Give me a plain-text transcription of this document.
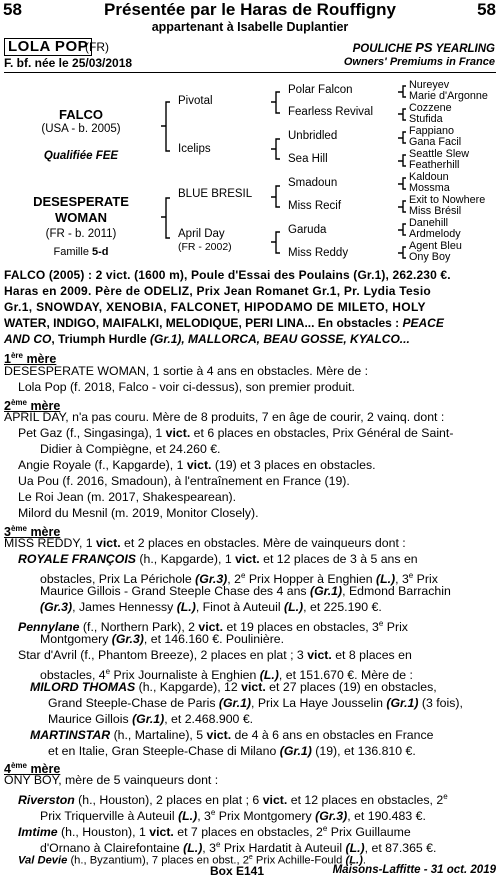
58	Présentée par le Haras de Rouffigny	58
appartenant à Isabelle Duplantier
LOLA POP
(FR)	POULICHE PS YEARLING
F. bf. née le 25/03/2018	Owners' Premiums in France
FALCO
(USA - b. 2005)
Qualifiée FEE
DESESPERATE
WOMAN
(FR - b. 2011)
Famille 5-d
Pivotal
Icelips
BLUE BRESIL
April Day
(FR - 2002)
Polar Falcon
Fearless Revival
Unbridled
Sea Hill
Smadoun
Miss Recif
Garuda
Miss Reddy
Nureyev
Marie d'Argonne
Cozzene
Stufida
Fappiano
Gana Facil
Seattle Slew
Featherhill
Kaldoun
Mossma
Exit to Nowhere
Miss Brésil
Danehill
Ardmelody
Agent Bleu
Ony Boy
FALCO (2005) : 2 vict. (1600 m), Poule d'Essai des Poulains (Gr.1), 262.230 €.
Haras en 2009. Père de ODELIZ, Prix Jean Romanet Gr.1, Pr. Lydia Tesio
Gr.1, SNOWDAY, XENOBIA, FALCONET, HIPODAMO DE MILETO, HOLY
WATER, INDIGO, MAIFALKI, MELODIQUE, PERI LINA... En obstacles : PEACE
AND CO, Triumph Hurdle (Gr.1), MALLORCA, BEAU GOSSE, KYALCO...
1ère mère
DESESPERATE WOMAN, 1 sortie à 4 ans en obstacles. Mère de :
Lola Pop (f. 2018, Falco - voir ci-dessus), son premier produit.
2ème mère
APRIL DAY, n'a pas couru. Mère de 8 produits, 7 en âge de courir, 2 vainq. dont :
Pet Gaz (f., Singasinga), 1 vict. et 6 places en obstacles, Prix Général de Saint-
Didier à Compiègne, et 24.260 €.
Angie Royale (f., Kapgarde), 1 vict. (19) et 3 places en obstacles.
Ua Pou (f. 2016, Smadoun), à l'entraînement en France (19).
Le Roi Jean (m. 2017, Shakespearean).
Milord du Mesnil (m. 2019, Monitor Closely).
3ème mère
MISS REDDY, 1 vict. et 2 places en obstacles. Mère de vainqueurs dont :
ROYALE FRANÇOIS (h., Kapgarde), 1 vict. et 12 places de 3 à 5 ans en
obstacles, Prix La Périchole (Gr.3), 2e Prix Hopper à Enghien (L.), 3e Prix
Maurice Gillois - Grand Steeple Chase des 4 ans (Gr.1), Edmond Barrachin
(Gr.3), James Hennessy (L.), Finot à Auteuil (L.), et 225.190 €.
Pennylane (f., Northern Park), 2 vict. et 19 places en obstacles, 3e Prix
Montgomery (Gr.3), et 146.160 €. Poulinière.
Star d'Avril (f., Phantom Breeze), 2 places en plat ; 3 vict. et 8 places en
obstacles, 4e Prix Journaliste à Enghien (L.), et 151.670 €. Mère de :
MILORD THOMAS (h., Kapgarde), 12 vict. et 27 places (19) en obstacles,
Grand Steeple-Chase de Paris (Gr.1), Prix La Haye Jousselin (Gr.1) (3 fois),
Maurice Gillois (Gr.1), et 2.468.900 €.
MARTINSTAR (h., Martaline), 5 vict. de 4 à 6 ans en obstacles en France
et en Italie, Gran Steeple-Chase di Milano (Gr.1) (19), et 136.810 €.
4ème mère
ONY BOY, mère de 5 vainqueurs dont :
Riverston (h., Houston), 2 places en plat ; 6 vict. et 12 places en obstacles, 2e
Prix Triquerville à Auteuil (L.), 3e Prix Montgomery (Gr.3), et 190.483 €.
Imtime (h., Houston), 1 vict. et 7 places en obstacles, 2e Prix Guillaume
d'Ornano à Clairefontaine (L.), 3e Prix Hardatit à Auteuil (L.), et 87.365 €.
Val Devie (h., Byzantium), 7 places en obst., 2e Prix Achille-Fould (L.).
Box E141	Maisons-Laffitte - 31 oct. 2019
